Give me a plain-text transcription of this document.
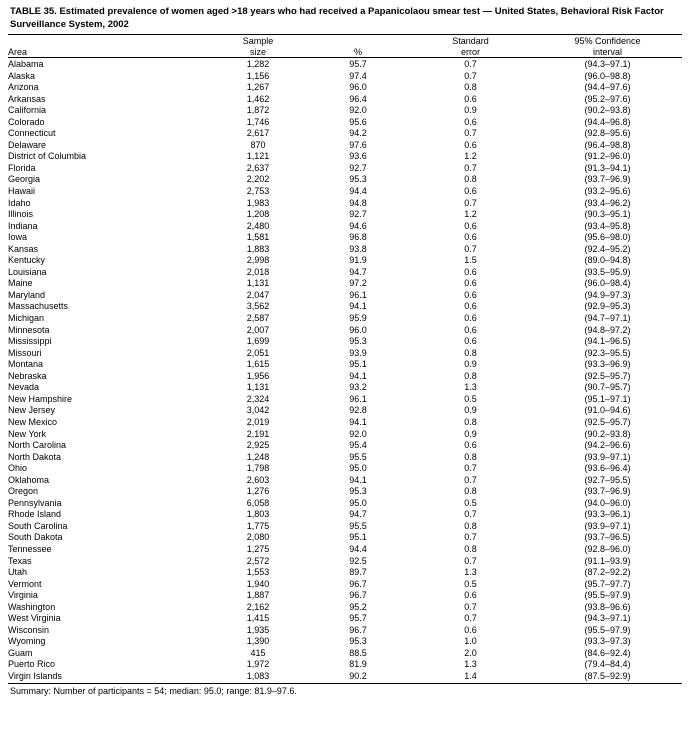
TABLE 35. Estimated prevalence of women aged >18 years who had received a Papanicolaou smear test — United States, Behavioral Risk Factor Surveillance System, 2002

	Sample		Standard	95% Confidence
Area	size	%	error	interval

Alabama	1,282	95.7	0.7	(94.3–97.1)
Alaska	1,156	97.4	0.7	(96.0–98.8)
Arizona	1,267	96.0	0.8	(94.4–97.6)
Arkansas	1,462	96.4	0.6	(95.2–97.6)
California	1,872	92.0	0.9	(90.2–93.8)
Colorado	1,746	95.6	0.6	(94.4–96.8)
Connecticut	2,617	94.2	0.7	(92.8–95.6)
Delaware	870	97.6	0.6	(96.4–98.8)
District of Columbia	1,121	93.6	1.2	(91.2–96.0)
Florida	2,637	92.7	0.7	(91.3–94.1)
Georgia	2,202	95.3	0.8	(93.7–96.9)
Hawaii	2,753	94.4	0.6	(93.2–95.6)
Idaho	1,983	94.8	0.7	(93.4–96.2)
Illinois	1,208	92.7	1.2	(90.3–95.1)
Indiana	2,480	94.6	0.6	(93.4–95.8)
Iowa	1,581	96.8	0.6	(95.6–98.0)
Kansas	1,883	93.8	0.7	(92.4–95.2)
Kentucky	2,998	91.9	1.5	(89.0–94.8)
Louisiana	2,018	94.7	0.6	(93.5–95.9)
Maine	1,131	97.2	0.6	(96.0–98.4)
Maryland	2,047	96.1	0.6	(94.9–97.3)
Massachusetts	3,562	94.1	0.6	(92.9–95.3)
Michigan	2,587	95.9	0.6	(94.7–97.1)
Minnesota	2,007	96.0	0.6	(94.8–97.2)
Mississippi	1,699	95.3	0.6	(94.1–96.5)
Missouri	2,051	93.9	0.8	(92.3–95.5)
Montana	1,615	95.1	0.9	(93.3–96.9)
Nebraska	1,956	94.1	0.8	(92.5–95.7)
Nevada	1,131	93.2	1.3	(90.7–95.7)
New Hampshire	2,324	96.1	0.5	(95.1–97.1)
New Jersey	3,042	92.8	0.9	(91.0–94.6)
New Mexico	2,019	94.1	0.8	(92.5–95.7)
New York	2,191	92.0	0.9	(90.2–93.8)
North Carolina	2,925	95.4	0.6	(94.2–96.6)
North Dakota	1,248	95.5	0.8	(93.9–97.1)
Ohio	1,798	95.0	0.7	(93.6–96.4)
Oklahoma	2,603	94.1	0.7	(92.7–95.5)
Oregon	1,276	95.3	0.8	(93.7–96.9)
Pennsylvania	6,058	95.0	0.5	(94.0–96.0)
Rhode Island	1,803	94.7	0.7	(93.3–96.1)
South Carolina	1,775	95.5	0.8	(93.9–97.1)
South Dakota	2,080	95.1	0.7	(93.7–96.5)
Tennessee	1,275	94.4	0.8	(92.8–96.0)
Texas	2,572	92.5	0.7	(91.1–93.9)
Utah	1,553	89.7	1.3	(87.2–92.2)
Vermont	1,940	96.7	0.5	(95.7–97.7)
Virginia	1,887	96.7	0.6	(95.5–97.9)
Washington	2,162	95.2	0.7	(93.8–96.6)
West Virginia	1,415	95.7	0.7	(94.3–97.1)
Wisconsin	1,935	96.7	0.6	(95.5–97.9)
Wyoming	1,390	95.3	1.0	(93.3–97.3)
Guam	415	88.5	2.0	(84.6–92.4)
Puerto Rico	1,972	81.9	1.3	(79.4–84.4)
Virgin Islands	1,083	90.2	1.4	(87.5–92.9)

Summary: Number of participants = 54; median: 95.0; range: 81.9–97.6.
